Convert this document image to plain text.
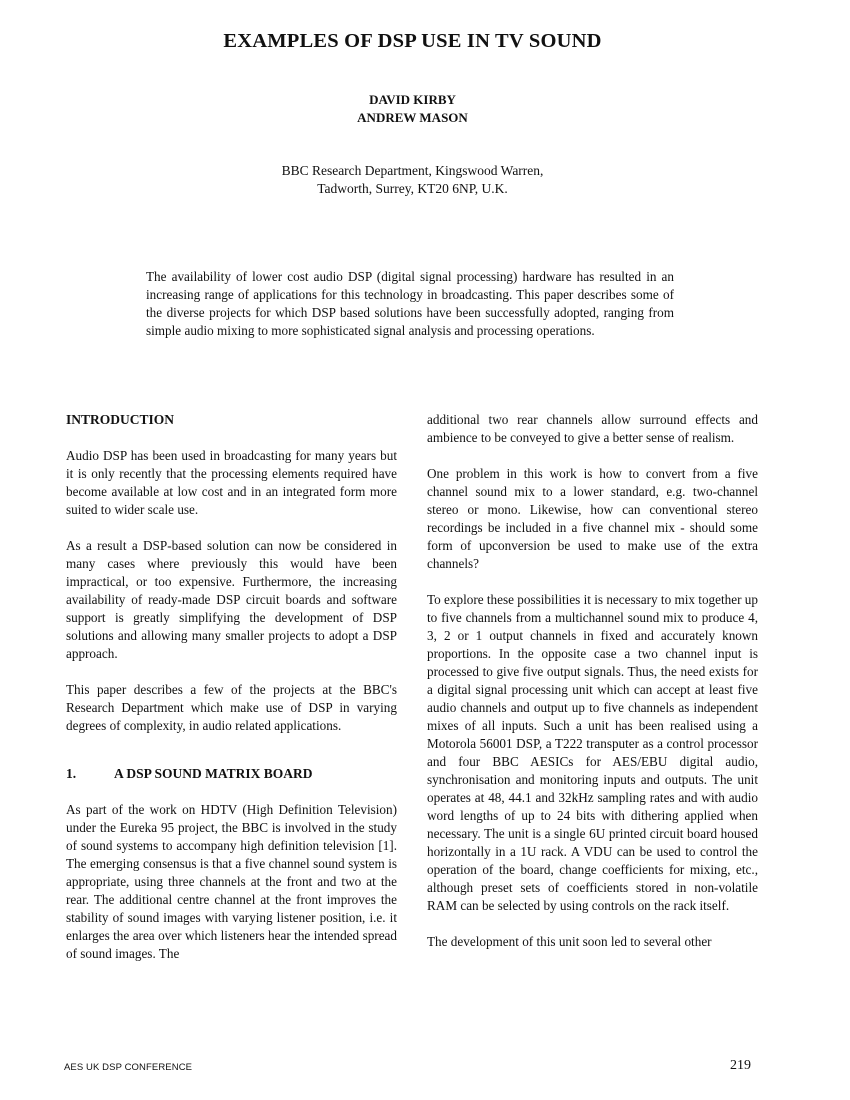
EXAMPLES OF DSP USE IN TV SOUND
DAVID KIRBY
ANDREW MASON
BBC Research Department, Kingswood Warren,
Tadworth, Surrey, KT20 6NP, U.K.

The availability of lower cost audio DSP (digital signal processing) hardware has resulted in an increasing range of applications for this technology in broadcasting. This paper describes some of the diverse projects for which DSP based solutions have been successfully adopted, ranging from simple audio mixing to more sophisticated signal analysis and processing operations.

INTRODUCTION

Audio DSP has been used in broadcasting for many years but it is only recently that the processing elements required have become available at low cost and in an integrated form more suited to wider scale use.

As a result a DSP-based solution can now be considered in many cases where previously this would have been impractical, or too expensive. Furthermore, the increasing availability of ready-made DSP circuit boards and software support is greatly simplifying the development of DSP solutions and allowing many smaller projects to adopt a DSP approach.

This paper describes a few of the projects at the BBC's Research Department which make use of DSP in varying degrees of complexity, in audio related applications.

1.	A DSP SOUND MATRIX BOARD

As part of the work on HDTV (High Definition Television) under the Eureka 95 project, the BBC is involved in the study of sound systems to accompany high definition television [1]. The emerging consensus is that a five channel sound system is appropriate, using three channels at the front and two at the rear. The additional centre channel at the front improves the stability of sound images with varying listener position, i.e. it enlarges the area over which listeners hear the intended spread of sound images. The

additional two rear channels allow surround effects and ambience to be conveyed to give a better sense of realism.

One problem in this work is how to convert from a five channel sound mix to a lower standard, e.g. two-channel stereo or mono. Likewise, how can conventional stereo recordings be included in a five channel mix - should some form of upconversion be used to make use of the extra channels?

To explore these possibilities it is necessary to mix together up to five channels from a multichannel sound mix to produce 4, 3, 2 or 1 output channels in fixed and accurately known proportions. In the opposite case a two channel input is processed to give five output signals. Thus, the need exists for a digital signal processing unit which can accept at least five audio channels and output up to five channels as independent mixes of all inputs. Such a unit has been realised using a Motorola 56001 DSP, a T222 transputer as a control processor and four BBC AESICs for AES/EBU digital audio, synchronisation and monitoring inputs and outputs. The unit operates at 48, 44.1 and 32kHz sampling rates and with audio word lengths of up to 24 bits with dithering applied when necessary. The unit is a single 6U printed circuit board housed horizontally in a 1U rack. A VDU can be used to control the operation of the board, change coefficients for mixing, etc., although preset sets of coefficients stored in non-volatile RAM can be selected by using controls on the rack itself.

The development of this unit soon led to several other

AES UK DSP CONFERENCE	219
